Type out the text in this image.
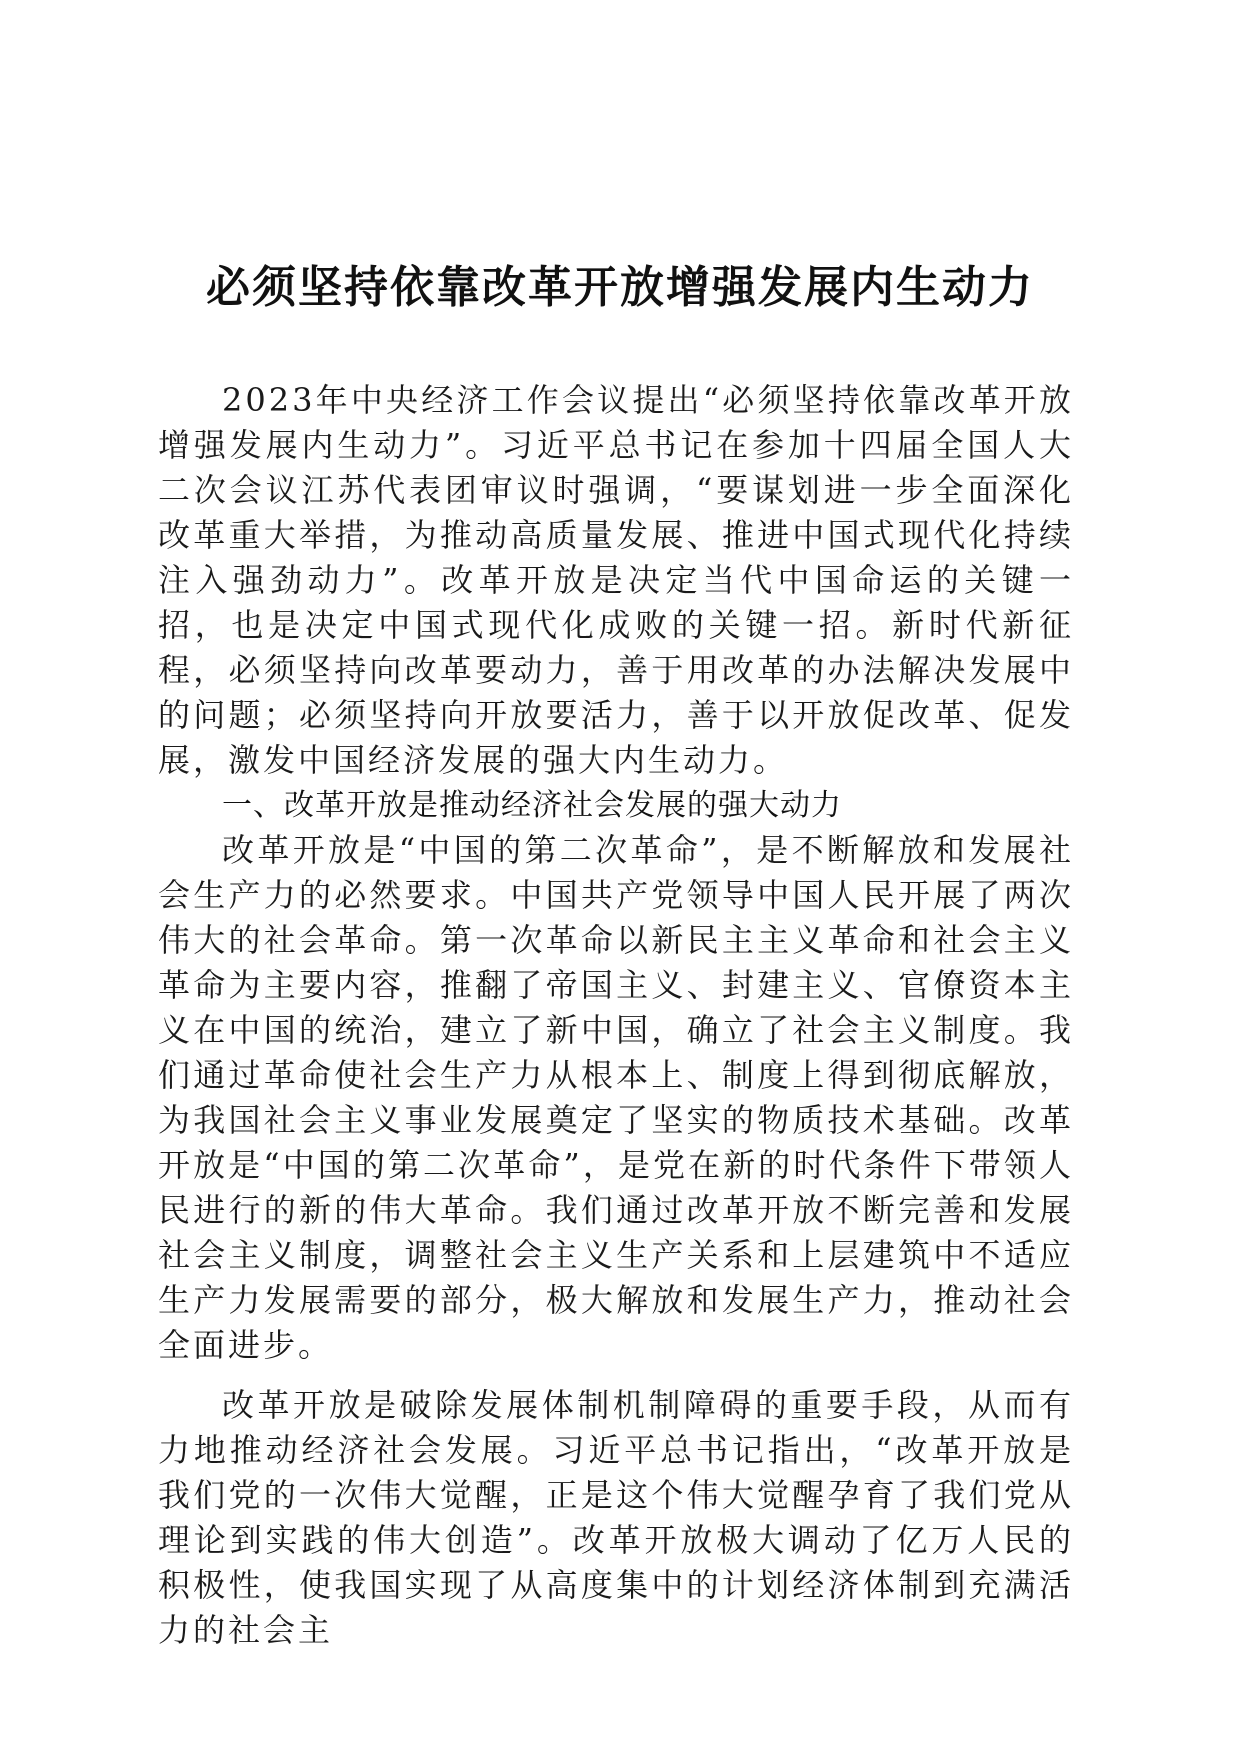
必须坚持依靠改革开放增强发展内生动力

2023年中央经济工作会议提出“必须坚持依靠改革开放增强发展内生动力”。习近平总书记在参加十四届全国人大二次会议江苏代表团审议时强调，“要谋划进一步全面深化改革重大举措，为推动高质量发展、推进中国式现代化持续注入强劲动力”。改革开放是决定当代中国命运的关键一招，也是决定中国式现代化成败的关键一招。新时代新征程，必须坚持向改革要动力，善于用改革的办法解决发展中的问题；必须坚持向开放要活力，善于以开放促改革、促发展，激发中国经济发展的强大内生动力。

一、改革开放是推动经济社会发展的强大动力

改革开放是“中国的第二次革命”，是不断解放和发展社会生产力的必然要求。中国共产党领导中国人民开展了两次伟大的社会革命。第一次革命以新民主主义革命和社会主义革命为主要内容，推翻了帝国主义、封建主义、官僚资本主义在中国的统治，建立了新中国，确立了社会主义制度。我们通过革命使社会生产力从根本上、制度上得到彻底解放，为我国社会主义事业发展奠定了坚实的物质技术基础。改革开放是“中国的第二次革命”，是党在新的时代条件下带领人民进行的新的伟大革命。我们通过改革开放不断完善和发展社会主义制度，调整社会主义生产关系和上层建筑中不适应生产力发展需要的部分，极大解放和发展生产力，推动社会全面进步。

改革开放是破除发展体制机制障碍的重要手段，从而有力地推动经济社会发展。习近平总书记指出，“改革开放是我们党的一次伟大觉醒，正是这个伟大觉醒孕育了我们党从理论到实践的伟大创造”。改革开放极大调动了亿万人民的积极性，使我国实现了从高度集中的计划经济体制到充满活力的社会主
